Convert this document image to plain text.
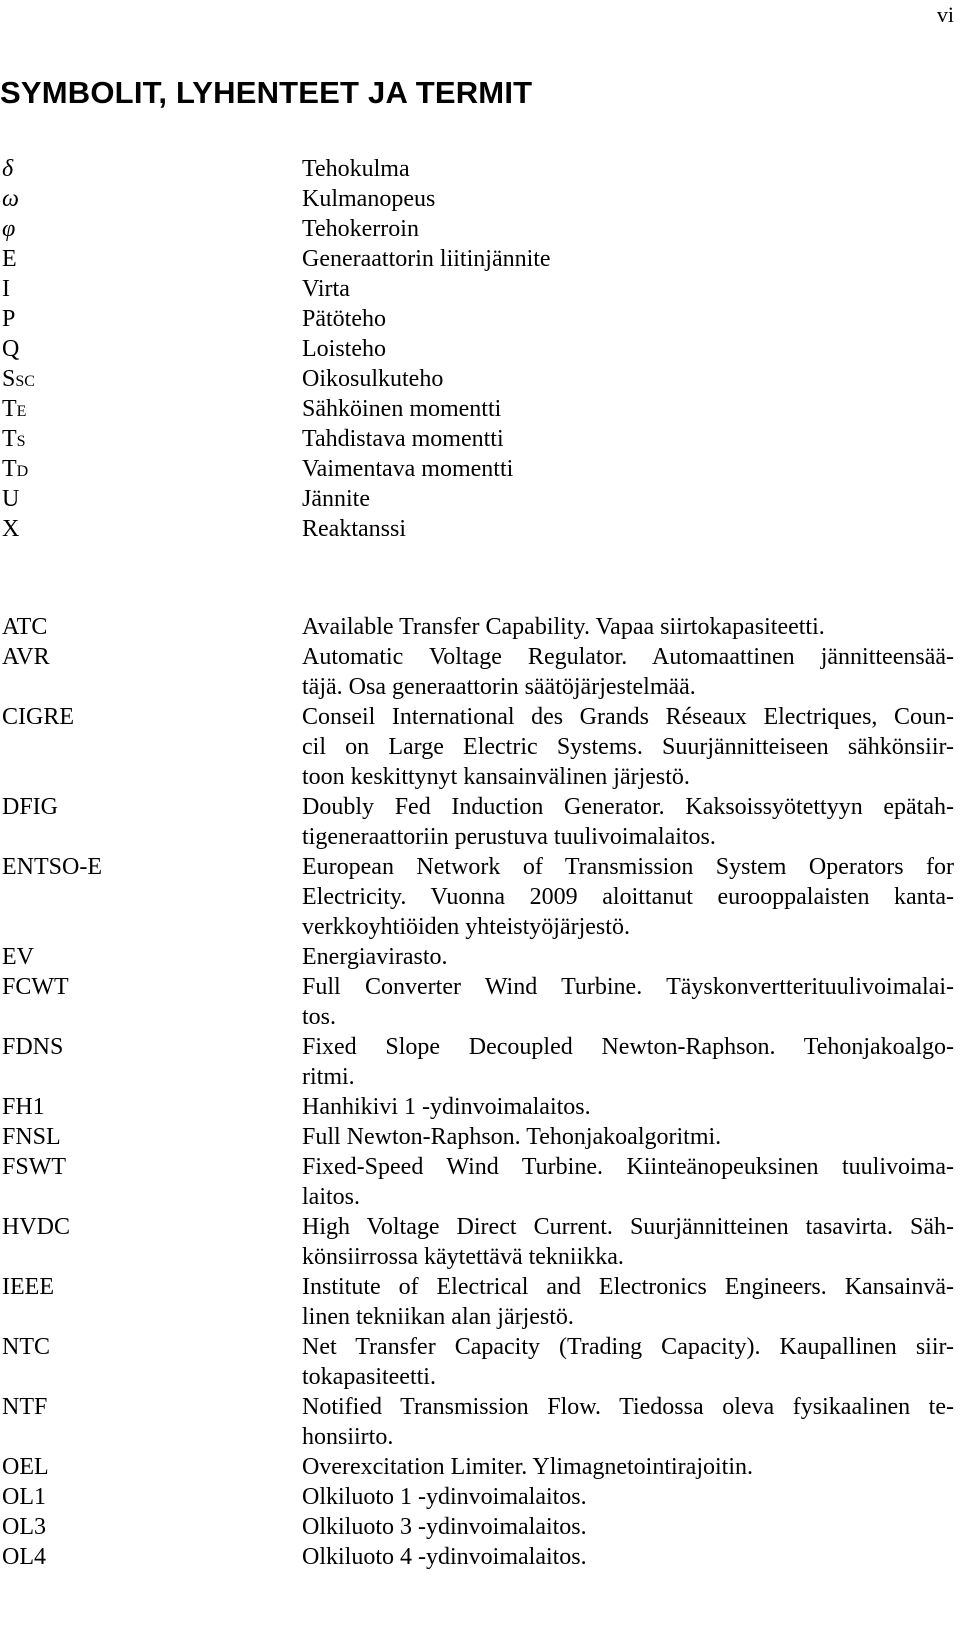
vi
SYMBOLIT, LYHENTEET JA TERMIT
δ	Tehokulma
ω	Kulmanopeus
φ	Tehokerroin
E	Generaattorin liitinjännite
I	Virta
P	Pätöteho
Q	Loisteho
SSC	Oikosulkuteho
TE	Sähköinen momentti
TS	Tahdistava momentti
TD	Vaimentava momentti
U	Jännite
X	Reaktanssi
ATC	Available Transfer Capability. Vapaa siirtokapasiteetti.
AVR	Automatic Voltage Regulator. Automaattinen jännitteensää-
täjä. Osa generaattorin säätöjärjestelmää.
CIGRE	Conseil International des Grands Réseaux Electriques, Coun-
cil on Large Electric Systems. Suurjännitteiseen sähkönsiir-
toon keskittynyt kansainvälinen järjestö.
DFIG	Doubly Fed Induction Generator. Kaksoissyötettyyn epätah-
tigeneraattoriin perustuva tuulivoimalaitos.
ENTSO-E	European Network of Transmission System Operators for
Electricity. Vuonna 2009 aloittanut eurooppalaisten kanta-
verkkoyhtiöiden yhteistyöjärjestö.
EV	Energiavirasto.
FCWT	Full Converter Wind Turbine. Täyskonvertterituulivoimalai-
tos.
FDNS	Fixed Slope Decoupled Newton-Raphson. Tehonjakoalgo-
ritmi.
FH1	Hanhikivi 1 -ydinvoimalaitos.
FNSL	Full Newton-Raphson. Tehonjakoalgoritmi.
FSWT	Fixed-Speed Wind Turbine. Kiinteänopeuksinen tuulivoima-
laitos.
HVDC	High Voltage Direct Current. Suurjännitteinen tasavirta. Säh-
könsiirrossa käytettävä tekniikka.
IEEE	Institute of Electrical and Electronics Engineers. Kansainvä-
linen tekniikan alan järjestö.
NTC	Net Transfer Capacity (Trading Capacity). Kaupallinen siir-
tokapasiteetti.
NTF	Notified Transmission Flow. Tiedossa oleva fysikaalinen te-
honsiirto.
OEL	Overexcitation Limiter. Ylimagnetointirajoitin.
OL1	Olkiluoto 1 -ydinvoimalaitos.
OL3	Olkiluoto 3 -ydinvoimalaitos.
OL4	Olkiluoto 4 -ydinvoimalaitos.
